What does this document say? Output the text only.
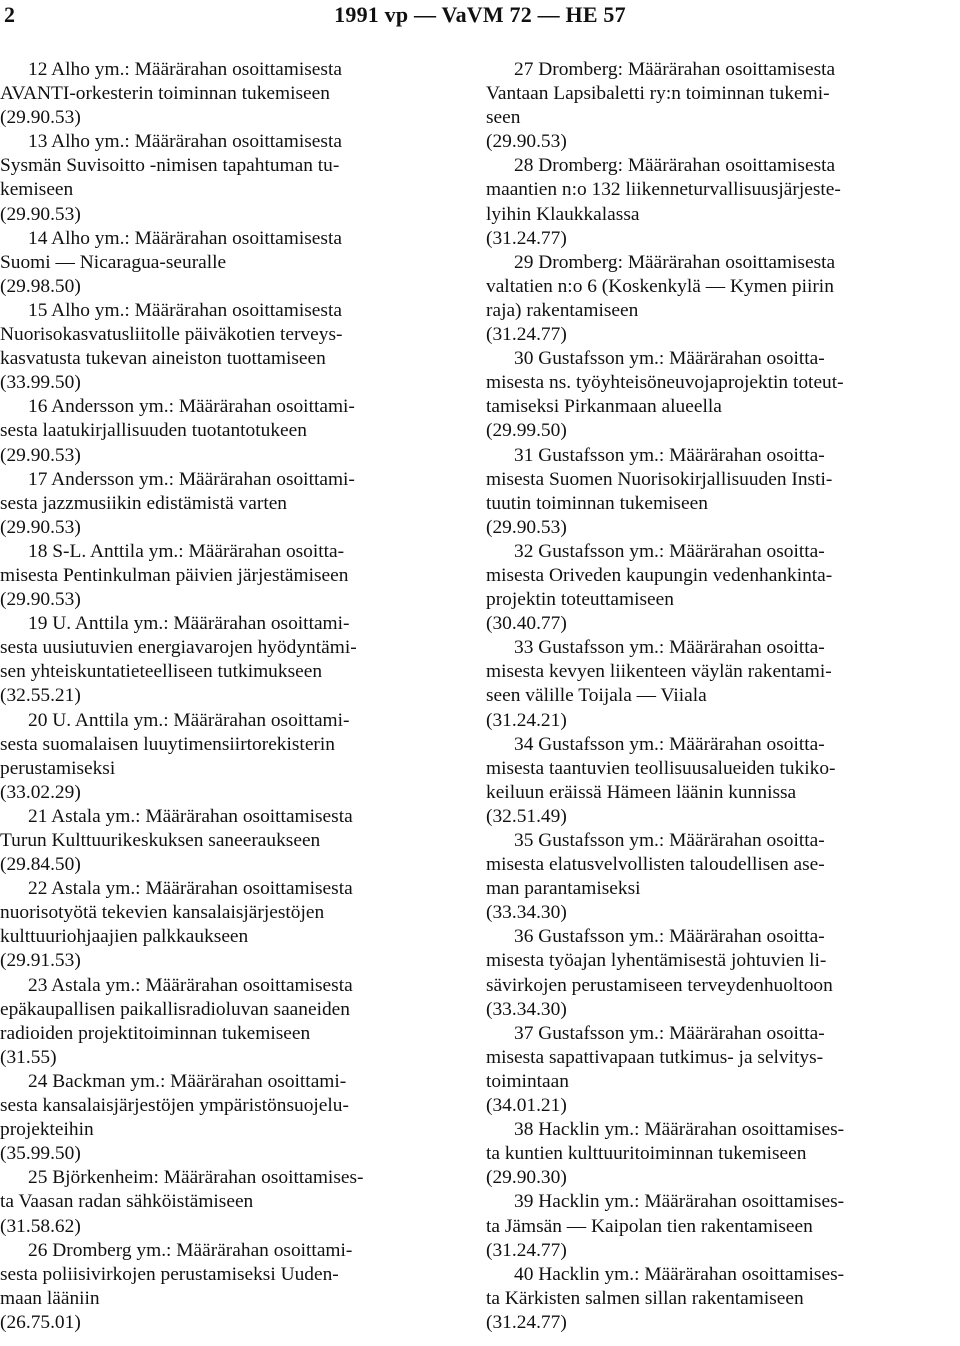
2	1991 vp — VaVM 72 — HE 57

12 Alho ym.: Määrärahan osoittamisesta

AVANTI-orkesterin toiminnan tukemiseen

(29.90.53)

13 Alho ym.: Määrärahan osoittamisesta

Sysmän Suvisoitto -nimisen tapahtuman tu-

kemiseen

(29.90.53)

14 Alho ym.: Määrärahan osoittamisesta

Suomi — Nicaragua-seuralle

(29.98.50)

15 Alho ym.: Määrärahan osoittamisesta

Nuorisokasvatusliitolle päiväkotien terveys-

kasvatusta tukevan aineiston tuottamiseen

(33.99.50)

16 Andersson ym.: Määrärahan osoittami-

sesta laatukirjallisuuden tuotantotukeen

(29.90.53)

17 Andersson ym.: Määrärahan osoittami-

sesta jazzmusiikin edistämistä varten

(29.90.53)

18 S-L. Anttila ym.: Määrärahan osoitta-

misesta Pentinkulman päivien järjestämiseen

(29.90.53)

19 U. Anttila ym.: Määrärahan osoittami-

sesta uusiutuvien energiavarojen hyödyntämi-

sen yhteiskuntatieteelliseen tutkimukseen

(32.55.21)

20 U. Anttila ym.: Määrärahan osoittami-

sesta suomalaisen luuytimensiirtorekisterin

perustamiseksi

(33.02.29)

21 Astala ym.: Määrärahan osoittamisesta

Turun Kulttuurikeskuksen saneeraukseen

(29.84.50)

22 Astala ym.: Määrärahan osoittamisesta

nuorisotyötä tekevien kansalaisjärjestöjen

kulttuuriohjaajien palkkaukseen

(29.91.53)

23 Astala ym.: Määrärahan osoittamisesta

epäkaupallisen paikallisradioluvan saaneiden

radioiden projektitoiminnan tukemiseen

(31.55)

24 Backman ym.: Määrärahan osoittami-

sesta kansalaisjärjestöjen ympäristönsuojelu-

projekteihin

(35.99.50)

25 Björkenheim: Määrärahan osoittamises-

ta Vaasan radan sähköistämiseen

(31.58.62)

26 Dromberg ym.: Määrärahan osoittami-

sesta poliisivirkojen perustamiseksi Uuden-

maan lääniin

(26.75.01)

27 Dromberg: Määrärahan osoittamisesta

Vantaan Lapsibaletti ry:n toiminnan tukemi-

seen

(29.90.53)

28 Dromberg: Määrärahan osoittamisesta

maantien n:o 132 liikenneturvallisuusjärjeste-

lyihin Klaukkalassa

(31.24.77)

29 Dromberg: Määrärahan osoittamisesta

valtatien n:o 6 (Koskenkylä — Kymen piirin

raja) rakentamiseen

(31.24.77)

30 Gustafsson ym.: Määrärahan osoitta-

misesta ns. työyhteisöneuvojaprojektin toteut-

tamiseksi Pirkanmaan alueella

(29.99.50)

31 Gustafsson ym.: Määrärahan osoitta-

misesta Suomen Nuorisokirjallisuuden Insti-

tuutin toiminnan tukemiseen

(29.90.53)

32 Gustafsson ym.: Määrärahan osoitta-

misesta Oriveden kaupungin vedenhankinta-

projektin toteuttamiseen

(30.40.77)

33 Gustafsson ym.: Määrärahan osoitta-

misesta kevyen liikenteen väylän rakentami-

seen välille Toijala — Viiala

(31.24.21)

34 Gustafsson ym.: Määrärahan osoitta-

misesta taantuvien teollisuusalueiden tukiko-

keiluun eräissä Hämeen läänin kunnissa

(32.51.49)

35 Gustafsson ym.: Määrärahan osoitta-

misesta elatusvelvollisten taloudellisen ase-

man parantamiseksi

(33.34.30)

36 Gustafsson ym.: Määrärahan osoitta-

misesta työajan lyhentämisestä johtuvien li-

sävirkojen perustamiseen terveydenhuoltoon

(33.34.30)

37 Gustafsson ym.: Määrärahan osoitta-

misesta sapattivapaan tutkimus- ja selvitys-

toimintaan

(34.01.21)

38 Hacklin ym.: Määrärahan osoittamises-

ta kuntien kulttuuritoiminnan tukemiseen

(29.90.30)

39 Hacklin ym.: Määrärahan osoittamises-

ta Jämsän — Kaipolan tien rakentamiseen

(31.24.77)

40 Hacklin ym.: Määrärahan osoittamises-

ta Kärkisten salmen sillan rakentamiseen

(31.24.77)
